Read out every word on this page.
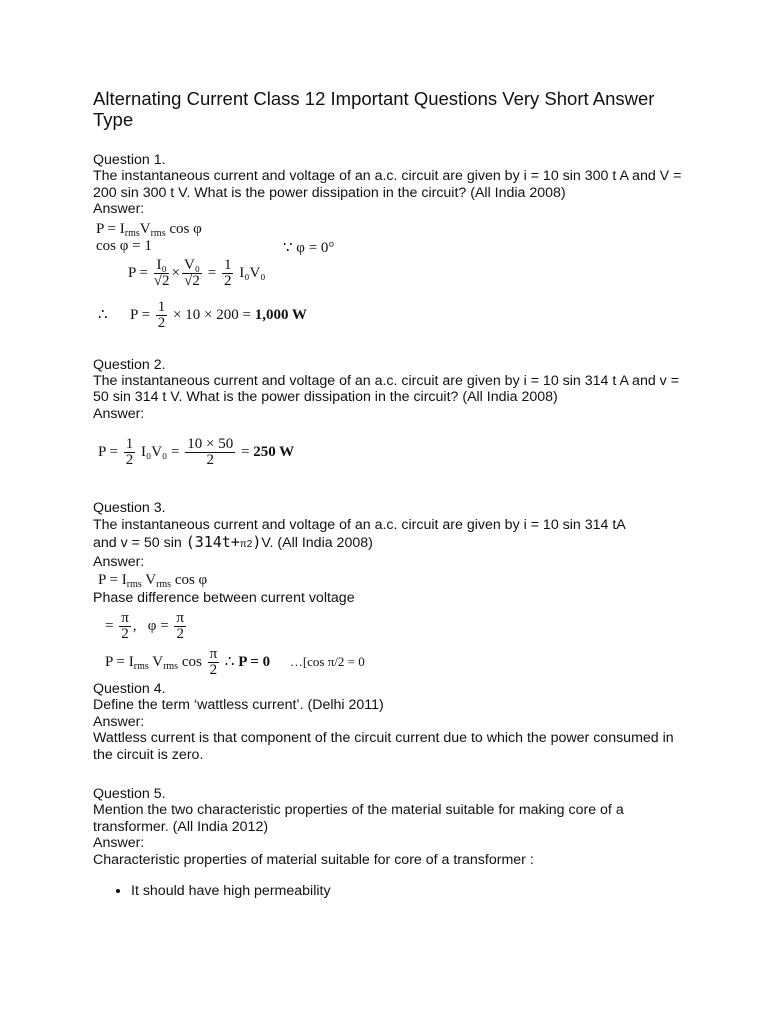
Alternating Current Class 12 Important Questions Very Short Answer Type

Question 1.

The instantaneous current and voltage of an a.c. circuit are given by i = 10 sin 300 t A and V = 200 sin 300 t V. What is the power dissipation in the circuit? (All India 2008)

Answer:

$P = I_{rms}V_{rms}$ cos φ
cos φ = 1	∵ φ = 0°
$P = \frac{\text{I₀}}{√2} \times \frac{\text{V₀}}{√2} = \frac{1}{2} I_0V_0$
∴      $P = \frac{1}{2} \times 10 \times 200 = 1,000$ W

Question 2.

The instantaneous current and voltage of an a.c. circuit are given by i = 10 sin 314 t A and v = 50 sin 314 t V. What is the power dissipation in the circuit? (All India 2008)

Answer:

$P = \frac{1}{2} I_0V_0 = \frac{10 \times 50}{2} = 250$ W

Question 3.

The instantaneous current and voltage of an a.c. circuit are given by i = 10 sin 314 tA

and v = 50 sin (314t+π2)V. (All India 2008)

Answer:

$P = I_{rms}$ $V_{rms}$ cos φ

Phase difference between current voltage

= $\frac{\pi}{2}$ ,   $\varphi = \frac{\pi}{2}$
$P = I_{rms}$ $V_{rms}$ $\cos \frac{\pi}{2}$ ∴ P = 0 …[cos π/2 = 0

Question 4.

Define the term ‘wattless current’. (Delhi 2011)

Answer:

Wattless current is that component of the circuit current due to which the power consumed in the circuit is zero.

Question 5.

Mention the two characteristic properties of the material suitable for making core of a transformer. (All India 2012)

Answer:

Characteristic properties of material suitable for core of a transformer :

• It should have high permeability
